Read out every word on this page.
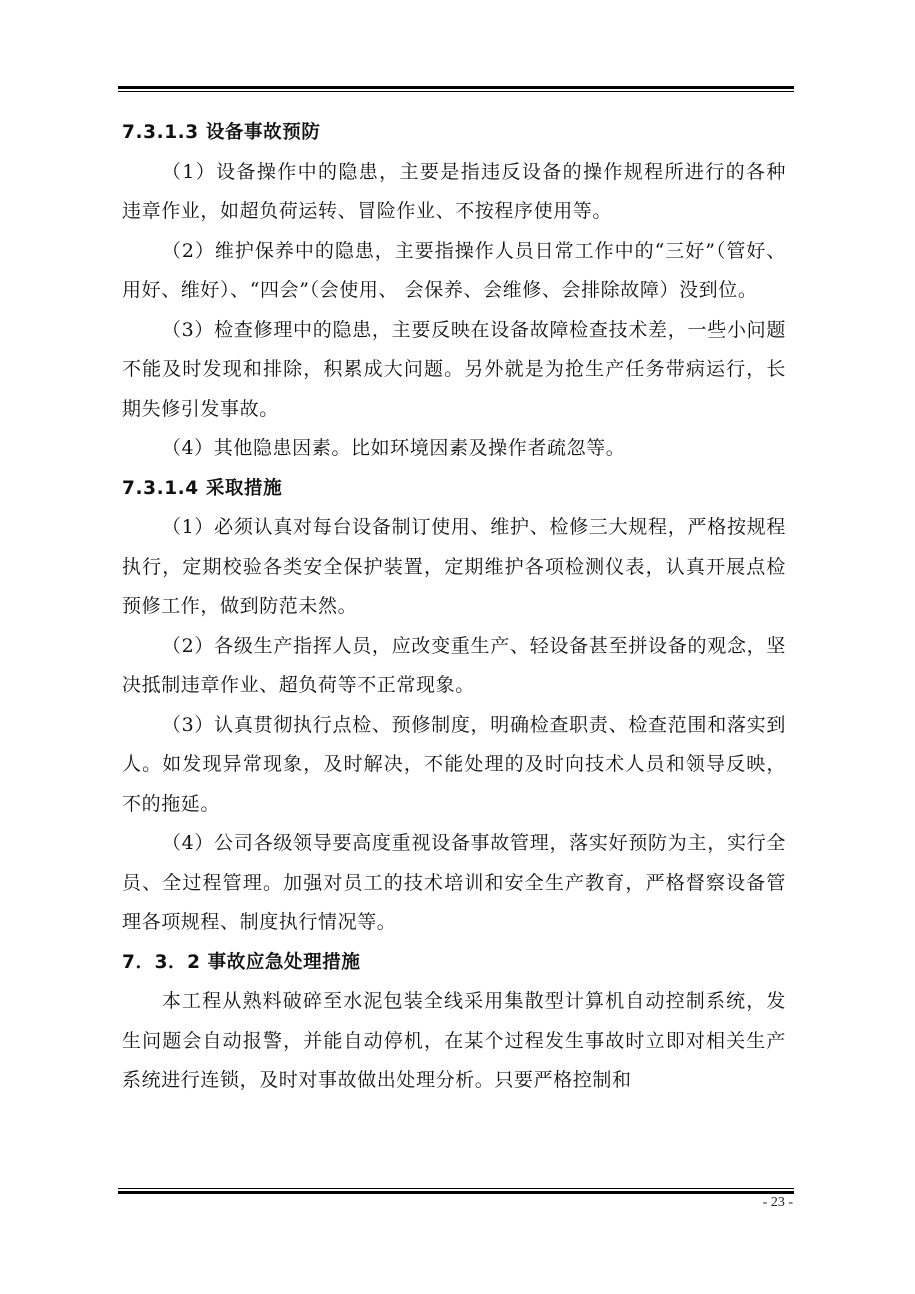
7.3.1.3 设备事故预防

（1）设备操作中的隐患，主要是指违反设备的操作规程所进行的各种 违章作业，如超负荷运转、冒险作业、不按程序使用等。

（2）维护保养中的隐患，主要指操作人员日常工作中的“三好”（管好、用好、维好）、“四会”（会使用、 会保养、会维修、会排除故障）没到位。

（3）检查修理中的隐患，主要反映在设备故障检查技术差，一些小问题不能及时发现和排除，积累成大问题。另外就是为抢生产任务带病运行，长期失修引发事故。

（4）其他隐患因素。比如环境因素及操作者疏忽等。

7.3.1.4 采取措施

（1）必须认真对每台设备制订使用、维护、检修三大规程，严格按规程执行，定期校验各类安全保护装置，定期维护各项检测仪表，认真开展点检预修工作，做到防范未然。

（2）各级生产指挥人员，应改变重生产、轻设备甚至拼设备的观念，坚决抵制违章作业、超负荷等不正常现象。

（3）认真贯彻执行点检、预修制度，明确检查职责、检查范围和落实到人。如发现异常现象，及时解决，不能处理的及时向技术人员和领导反映，不的拖延。

（4）公司各级领导要高度重视设备事故管理，落实好预防为主，实行全员、全过程管理。加强对员工的技术培训和安全生产教育，严格督察设备管理各项规程、制度执行情况等。

7．3．2 事故应急处理措施

本工程从熟料破碎至水泥包装全线采用集散型计算机自动控制系统，发生问题会自动报警，并能自动停机，在某个过程发生事故时立即对相关生产系统进行连锁，及时对事故做出处理分析。只要严格控制和

- 23 -
